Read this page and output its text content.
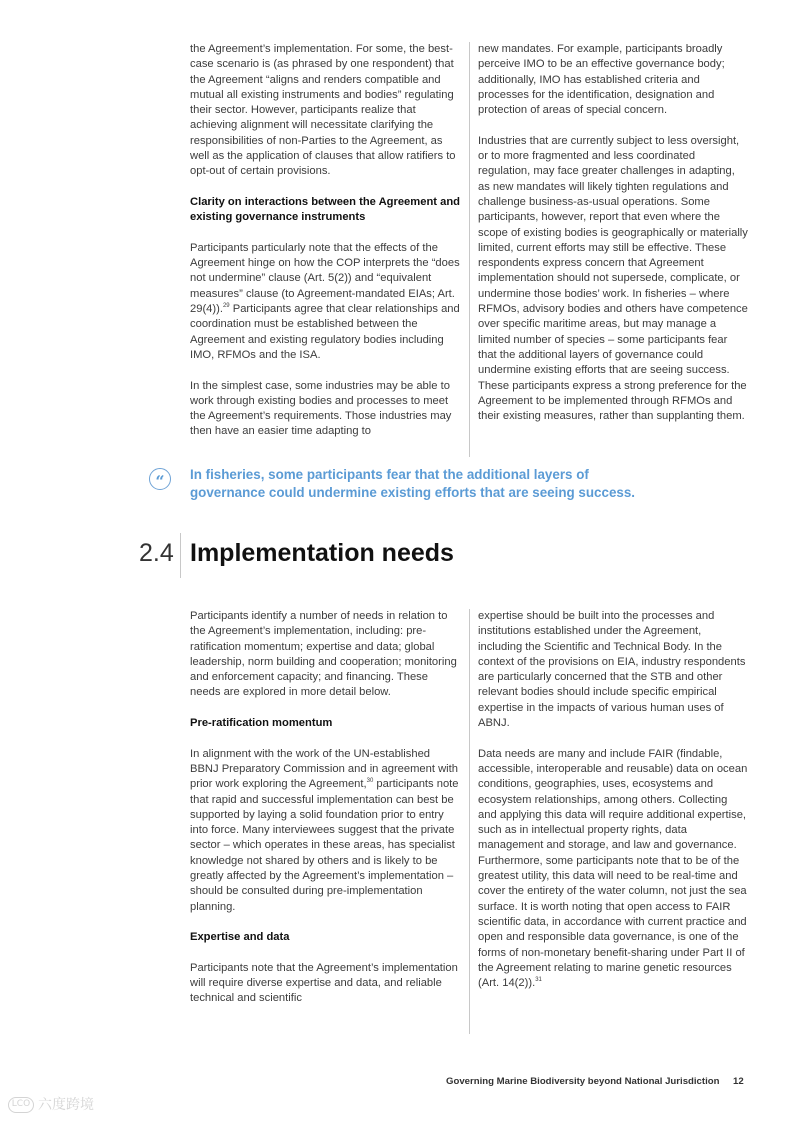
the Agreement’s implementation. For some, the best-case scenario is (as phrased by one respondent) that the Agreement “aligns and renders compatible and mutual all existing instruments and bodies” regulating their sector. However, participants realize that achieving alignment will necessitate clarifying the responsibilities of non-Parties to the Agreement, as well as the application of clauses that allow ratifiers to opt-out of certain provisions.

Clarity on interactions between the Agreement and existing governance instruments

Participants particularly note that the effects of the Agreement hinge on how the COP interprets the “does not undermine” clause (Art. 5(2)) and “equivalent measures” clause (to Agreement-mandated EIAs; Art. 29(4)).$^{29}$ Participants agree that clear relationships and coordination must be established between the Agreement and existing regulatory bodies including IMO, RFMOs and the ISA.

In the simplest case, some industries may be able to work through existing bodies and processes to meet the Agreement’s requirements. Those industries may then have an easier time adapting to

new mandates. For example, participants broadly perceive IMO to be an effective governance body; additionally, IMO has established criteria and processes for the identification, designation and protection of areas of special concern.

Industries that are currently subject to less oversight, or to more fragmented and less coordinated regulation, may face greater challenges in adapting, as new mandates will likely tighten regulations and challenge business-as-usual operations. Some participants, however, report that even where the scope of existing bodies is geographically or materially limited, current efforts may still be effective. These respondents express concern that Agreement implementation should not supersede, complicate, or undermine those bodies’ work. In fisheries – where RFMOs, advisory bodies and others have competence over specific maritime areas, but may manage a limited number of species – some participants fear that the additional layers of governance could undermine existing efforts that are seeing success. These participants express a strong preference for the Agreement to be implemented through RFMOs and their existing measures, rather than supplanting them.

“	In fisheries, some participants fear that the additional layers of governance could undermine existing efforts that are seeing success.
2.4 Implementation needs

Participants identify a number of needs in relation to the Agreement’s implementation, including: pre-ratification momentum; expertise and data; global leadership, norm building and cooperation; monitoring and enforcement capacity; and financing. These needs are explored in more detail below.

Pre-ratification momentum

In alignment with the work of the UN-established BBNJ Preparatory Commission and in agreement with prior work exploring the Agreement,$^{30}$ participants note that rapid and successful implementation can best be supported by laying a solid foundation prior to entry into force. Many interviewees suggest that the private sector – which operates in these areas, has specialist knowledge not shared by others and is likely to be greatly affected by the Agreement’s implementation – should be consulted during pre-implementation planning.

Expertise and data

Participants note that the Agreement’s implementation will require diverse expertise and data, and reliable technical and scientific

expertise should be built into the processes and institutions established under the Agreement, including the Scientific and Technical Body. In the context of the provisions on EIA, industry respondents are particularly concerned that the STB and other relevant bodies should include specific empirical expertise in the impacts of various human uses of ABNJ.

Data needs are many and include FAIR (findable, accessible, interoperable and reusable) data on ocean conditions, geographies, uses, ecosystems and ecosystem relationships, among others. Collecting and applying this data will require additional expertise, such as in intellectual property rights, data management and storage, and law and governance. Furthermore, some participants note that to be of the greatest utility, this data will need to be real-time and cover the entirety of the water column, not just the sea surface. It is worth noting that open access to FAIR scientific data, in accordance with current practice and open and responsible data governance, is one of the forms of non-monetary benefit-sharing under Part II of the Agreement relating to marine genetic resources (Art. 14(2)).$^{31}$

Governing Marine Biodiversity beyond National Jurisdiction 12
LCO 六度跨境
